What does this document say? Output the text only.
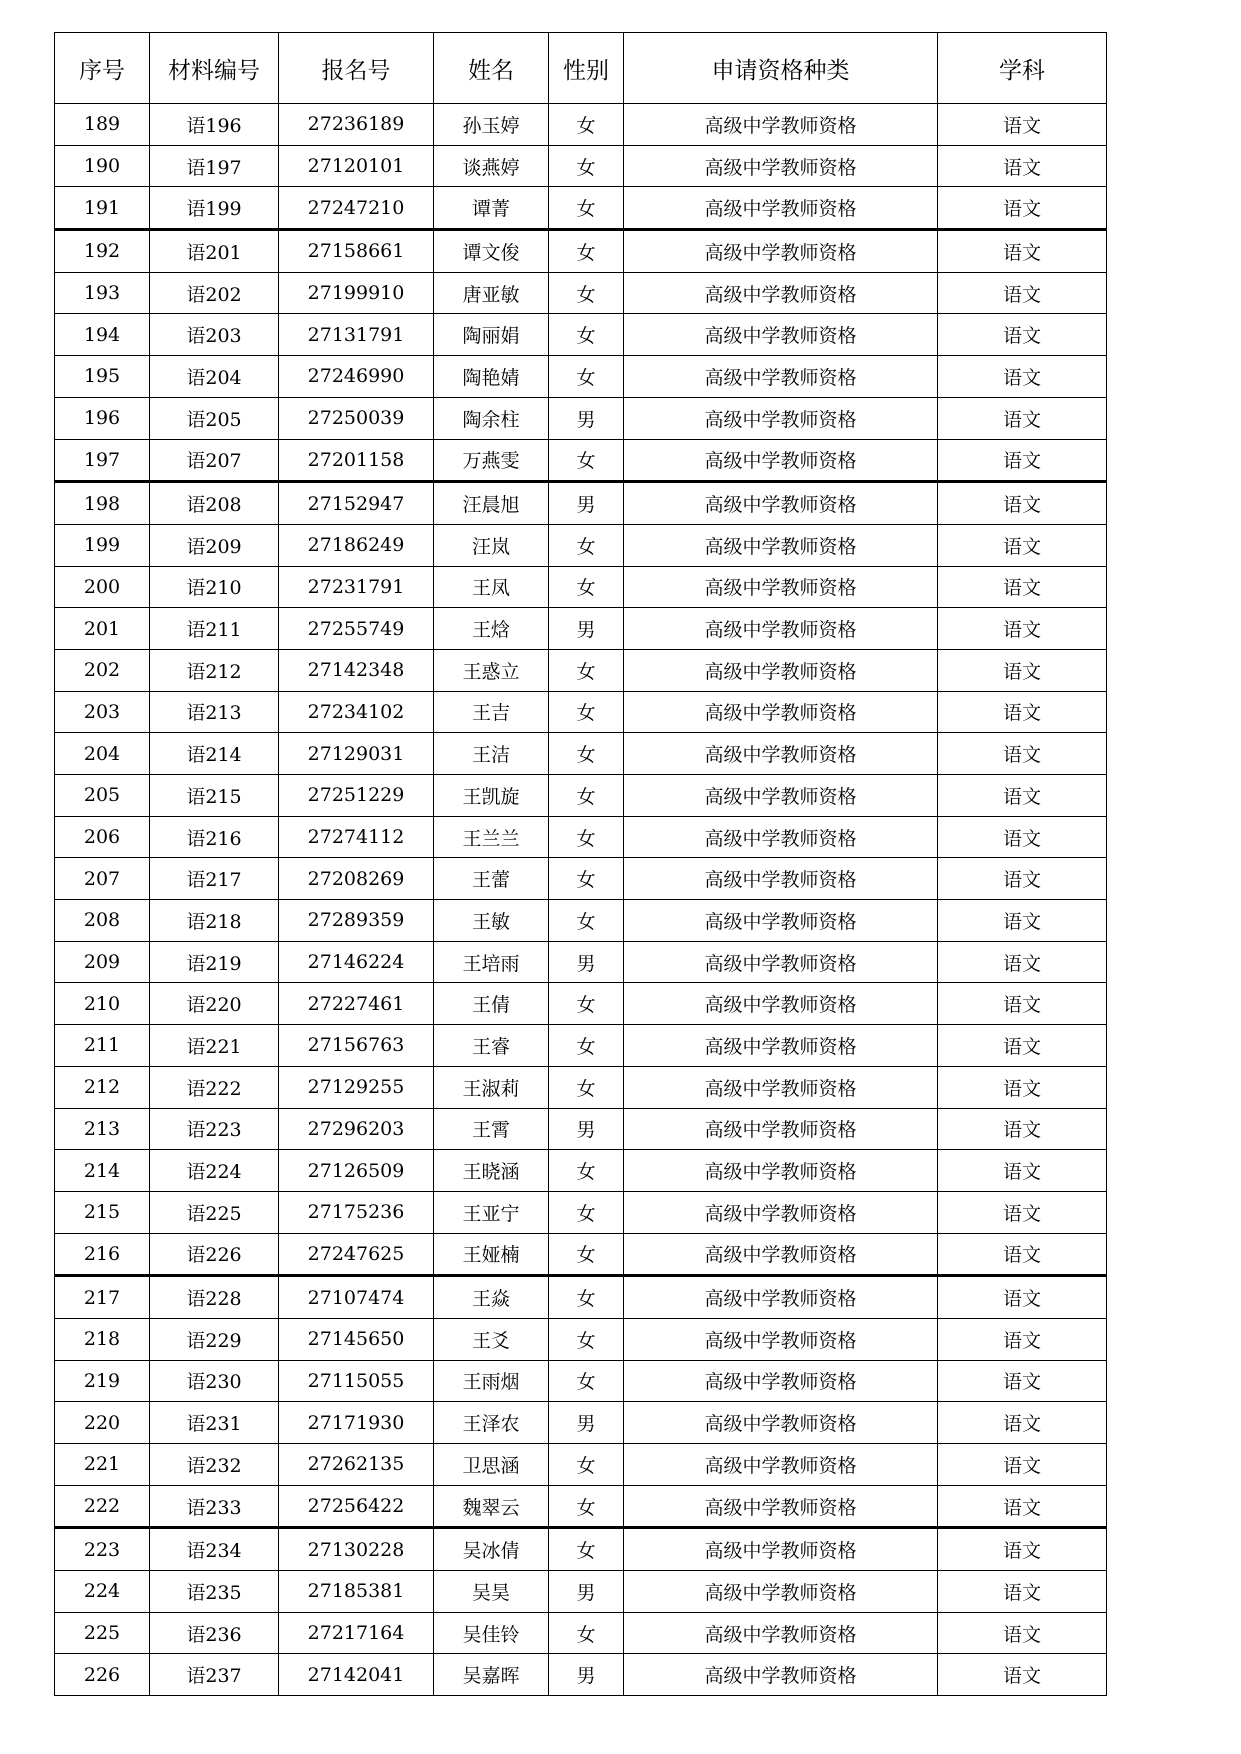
序号	材料编号	报名号	姓名	性别	申请资格种类	学科
189	语196	27236189	孙玉婷	女	高级中学教师资格	语文
190	语197	27120101	谈燕婷	女	高级中学教师资格	语文
191	语199	27247210	谭菁	女	高级中学教师资格	语文
192	语201	27158661	谭文俊	女	高级中学教师资格	语文
193	语202	27199910	唐亚敏	女	高级中学教师资格	语文
194	语203	27131791	陶丽娟	女	高级中学教师资格	语文
195	语204	27246990	陶艳婧	女	高级中学教师资格	语文
196	语205	27250039	陶余柱	男	高级中学教师资格	语文
197	语207	27201158	万燕雯	女	高级中学教师资格	语文
198	语208	27152947	汪晨旭	男	高级中学教师资格	语文
199	语209	27186249	汪岚	女	高级中学教师资格	语文
200	语210	27231791	王凤	女	高级中学教师资格	语文
201	语211	27255749	王焓	男	高级中学教师资格	语文
202	语212	27142348	王惑立	女	高级中学教师资格	语文
203	语213	27234102	王吉	女	高级中学教师资格	语文
204	语214	27129031	王洁	女	高级中学教师资格	语文
205	语215	27251229	王凯旋	女	高级中学教师资格	语文
206	语216	27274112	王兰兰	女	高级中学教师资格	语文
207	语217	27208269	王蕾	女	高级中学教师资格	语文
208	语218	27289359	王敏	女	高级中学教师资格	语文
209	语219	27146224	王培雨	男	高级中学教师资格	语文
210	语220	27227461	王倩	女	高级中学教师资格	语文
211	语221	27156763	王睿	女	高级中学教师资格	语文
212	语222	27129255	王淑莉	女	高级中学教师资格	语文
213	语223	27296203	王霄	男	高级中学教师资格	语文
214	语224	27126509	王晓涵	女	高级中学教师资格	语文
215	语225	27175236	王亚宁	女	高级中学教师资格	语文
216	语226	27247625	王娅楠	女	高级中学教师资格	语文
217	语228	27107474	王焱	女	高级中学教师资格	语文
218	语229	27145650	王爻	女	高级中学教师资格	语文
219	语230	27115055	王雨烟	女	高级中学教师资格	语文
220	语231	27171930	王泽农	男	高级中学教师资格	语文
221	语232	27262135	卫思涵	女	高级中学教师资格	语文
222	语233	27256422	魏翠云	女	高级中学教师资格	语文
223	语234	27130228	吴冰倩	女	高级中学教师资格	语文
224	语235	27185381	吴昊	男	高级中学教师资格	语文
225	语236	27217164	吴佳铃	女	高级中学教师资格	语文
226	语237	27142041	吴嘉晖	男	高级中学教师资格	语文
